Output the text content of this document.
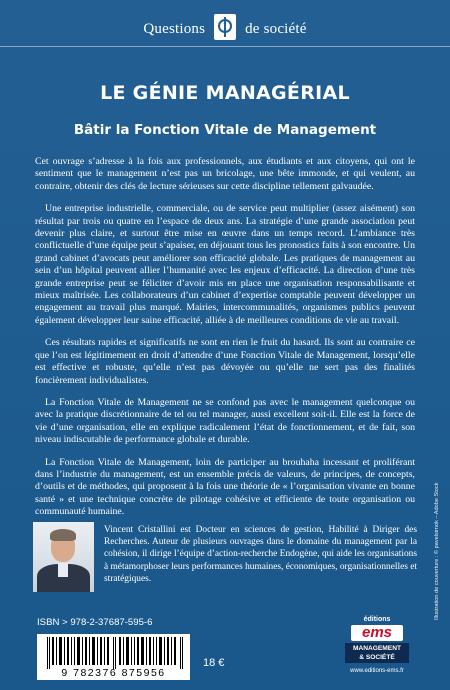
Questions	de société
LE GÉNIE MANAGÉRIAL
Bâtir la Fonction Vitale de Management

Cet ouvrage s’adresse à la fois aux professionnels, aux étudiants et aux citoyens, qui ont le sentiment que le management n’est pas un bricolage, une bête immonde, et qui veulent, au contraire, obtenir des clés de lecture sérieuses sur cette discipline tellement galvaudée.

Une entreprise industrielle, commerciale, ou de service peut multiplier (assez aisément) son résultat par trois ou quatre en l’espace de deux ans. La stratégie d’une grande association peut devenir plus claire, et surtout être mise en œuvre dans un temps record. L’ambiance très conflictuelle d’une équipe peut s’apaiser, en déjouant tous les pronostics faits à son encontre. Un grand cabinet d’avocats peut améliorer son efficacité globale. Les pratiques de management au sein d’un hôpital peuvent allier l’humanité avec les enjeux d’efficacité. La direction d’une très grande entreprise peut se féliciter d’avoir mis en place une organisation responsabilisante et mieux maîtrisée. Les collaborateurs d’un cabinet d’expertise comptable peuvent développer un engagement au travail plus marqué. Mairies, intercommunalités, organismes publics peuvent également développer leur saine efficacité, alliée à de meilleures conditions de vie au travail.

Ces résultats rapides et significatifs ne sont en rien le fruit du hasard. Ils sont au contraire ce que l’on est légitimement en droit d’attendre d’une Fonction Vitale de Management, lorsqu’elle est effective et robuste, qu’elle n’est pas dévoyée ou qu’elle ne sert pas des finalités foncièrement individualistes.

La Fonction Vitale de Management ne se confond pas avec le management quelconque ou avec la pratique discrétionnaire de tel ou tel manager, aussi excellent soit-il. Elle est la force de vie d’une organisation, elle en explique radicalement l’état de fonctionnement, et de fait, son niveau indiscutable de performance globale et durable.

La Fonction Vitale de Management, loin de participer au brouhaha incessant et proliférant dans l’industrie du management, est un ensemble précis de valeurs, de principes, de concepts, d’outils et de méthodes, qui proposent à la fois une théorie de « l’organisation vivante en bonne santé » et une technique concrète de pilotage cohésive et efficiente de toute organisation ou communauté humaine.

Vincent Cristallini est Docteur en sciences de gestion, Habilité à Diriger des Recherches. Auteur de plusieurs ouvrages dans le domaine du management par la cohésion, il dirige l’équipe d’action-recherche Endogène, qui aide les organisations à métamorphoser leurs performances humaines, économiques, organisationnelles et stratégiques.
ISBN > 978-2-37687-595-6
9 782376 875956
18 €
éditions
ems
MANAGEMENT
& SOCIÉTÉ
www.editions-ems.fr
Illustration de couverture : © pavelsirnok – Adobe Stock
